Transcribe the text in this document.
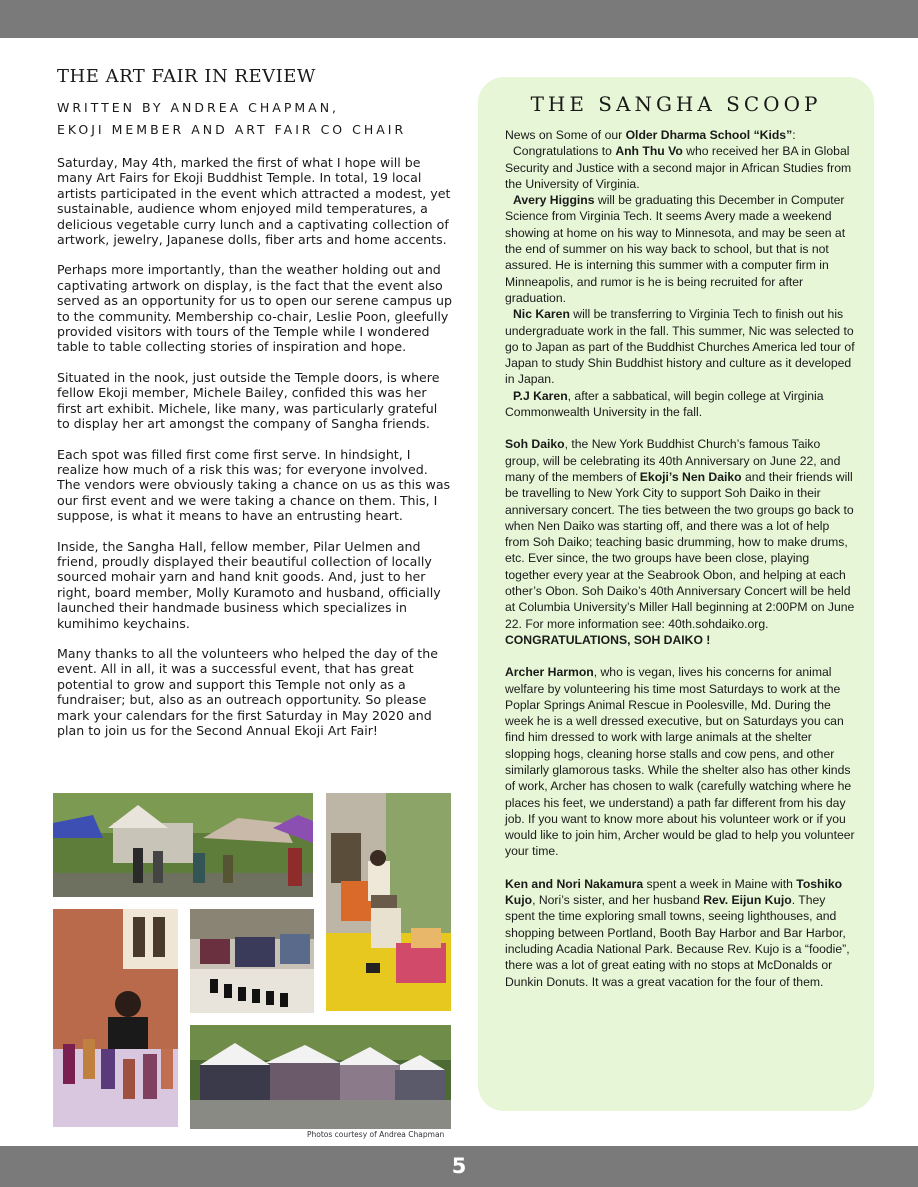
THE ART FAIR IN REVIEW
WRITTEN BY ANDREA CHAPMAN,
EKOJI MEMBER AND ART FAIR CO CHAIR

Saturday, May 4th, marked the first of what I hope will be many Art Fairs for Ekoji Buddhist Temple. In total, 19 local artists participated in the event which attracted a modest, yet sustainable, audience whom enjoyed mild temperatures, a delicious vegetable curry lunch and a captivating collection of artwork, jewelry, Japanese dolls, fiber arts and home accents.

Perhaps more importantly, than the weather holding out and captivating artwork on display, is the fact that the event also served as an opportunity for us to open our serene campus up to the community. Membership co-chair, Leslie Poon, gleefully provided visitors with tours of the Temple while I wondered table to table collecting stories of inspiration and hope.

Situated in the nook, just outside the Temple doors, is where fellow Ekoji member, Michele Bailey, confided this was her first art exhibit. Michele, like many, was particularly grateful to display her art amongst the company of Sangha friends.

Each spot was filled first come first serve. In hindsight, I realize how much of a risk this was; for everyone involved. The vendors were obviously taking a chance on us as this was our first event and we were taking a chance on them. This, I suppose, is what it means to have an entrusting heart.

Inside, the Sangha Hall, fellow member, Pilar Uelmen and friend, proudly displayed their beautiful collection of locally sourced mohair yarn and hand knit goods. And, just to her right, board member, Molly Kuramoto and husband, officially launched their handmade business which specializes in kumihimo keychains.

Many thanks to all the volunteers who helped the day of the event. All in all, it was a successful event, that has great potential to grow and support this Temple not only as a fundraiser; but, also as an outreach opportunity. So please mark your calendars for the first Saturday in May 2020 and plan to join us for the Second Annual Ekoji Art Fair!

Photos courtesy of Andrea Chapman
THE SANGHA SCOOP

News on Some of our Older Dharma School “Kids”:

Congratulations to Anh Thu Vo who received her BA in Global Security and Justice with a second major in African Studies from the University of Virginia.

Avery Higgins will be graduating this December in Computer Science from Virginia Tech. It seems Avery made a weekend showing at home on his way to Minnesota, and may be seen at the end of summer on his way back to school, but that is not assured. He is interning this summer with a computer firm in Minneapolis, and rumor is he is being recruited for after graduation.

Nic Karen will be transferring to Virginia Tech to finish out his undergraduate work in the fall. This summer, Nic was selected to go to Japan as part of the Buddhist Churches America led tour of Japan to study Shin Buddhist history and culture as it developed in Japan.

P.J Karen, after a sabbatical, will begin college at Virginia Commonwealth University in the fall.

Soh Daiko, the New York Buddhist Church’s famous Taiko group, will be celebrating its 40th Anniversary on June 22, and many of the members of Ekoji’s Nen Daiko and their friends will be travelling to New York City to support Soh Daiko in their anniversary concert. The ties between the two groups go back to when Nen Daiko was starting off, and there was a lot of help from Soh Daiko; teaching basic drumming, how to make drums, etc. Ever since, the two groups have been close, playing together every year at the Seabrook Obon, and helping at each other’s Obon. Soh Daiko’s 40th Anniversary Concert will be held at Columbia University’s Miller Hall beginning at 2:00PM on June 22. For more information see: 40th.sohdaiko.org.

CONGRATULATIONS, SOH DAIKO !

Archer Harmon, who is vegan, lives his concerns for animal welfare by volunteering his time most Saturdays to work at the Poplar Springs Animal Rescue in Poolesville, Md. During the week he is a well dressed executive, but on Saturdays you can find him dressed to work with large animals at the shelter slopping hogs, cleaning horse stalls and cow pens, and other similarly glamorous tasks. While the shelter also has other kinds of work, Archer has chosen to walk (carefully watching where he places his feet, we understand) a path far different from his day job. If you want to know more about his volunteer work or if you would like to join him, Archer would be glad to help you volunteer your time.

Ken and Nori Nakamura spent a week in Maine with Toshiko Kujo, Nori’s sister, and her husband Rev. Eijun Kujo. They spent the time exploring small towns, seeing lighthouses, and shopping between Portland, Booth Bay Harbor and Bar Harbor, including Acadia National Park. Because Rev. Kujo is a “foodie”, there was a lot of great eating with no stops at McDonalds or Dunkin Donuts. It was a great vacation for the four of them.

5
